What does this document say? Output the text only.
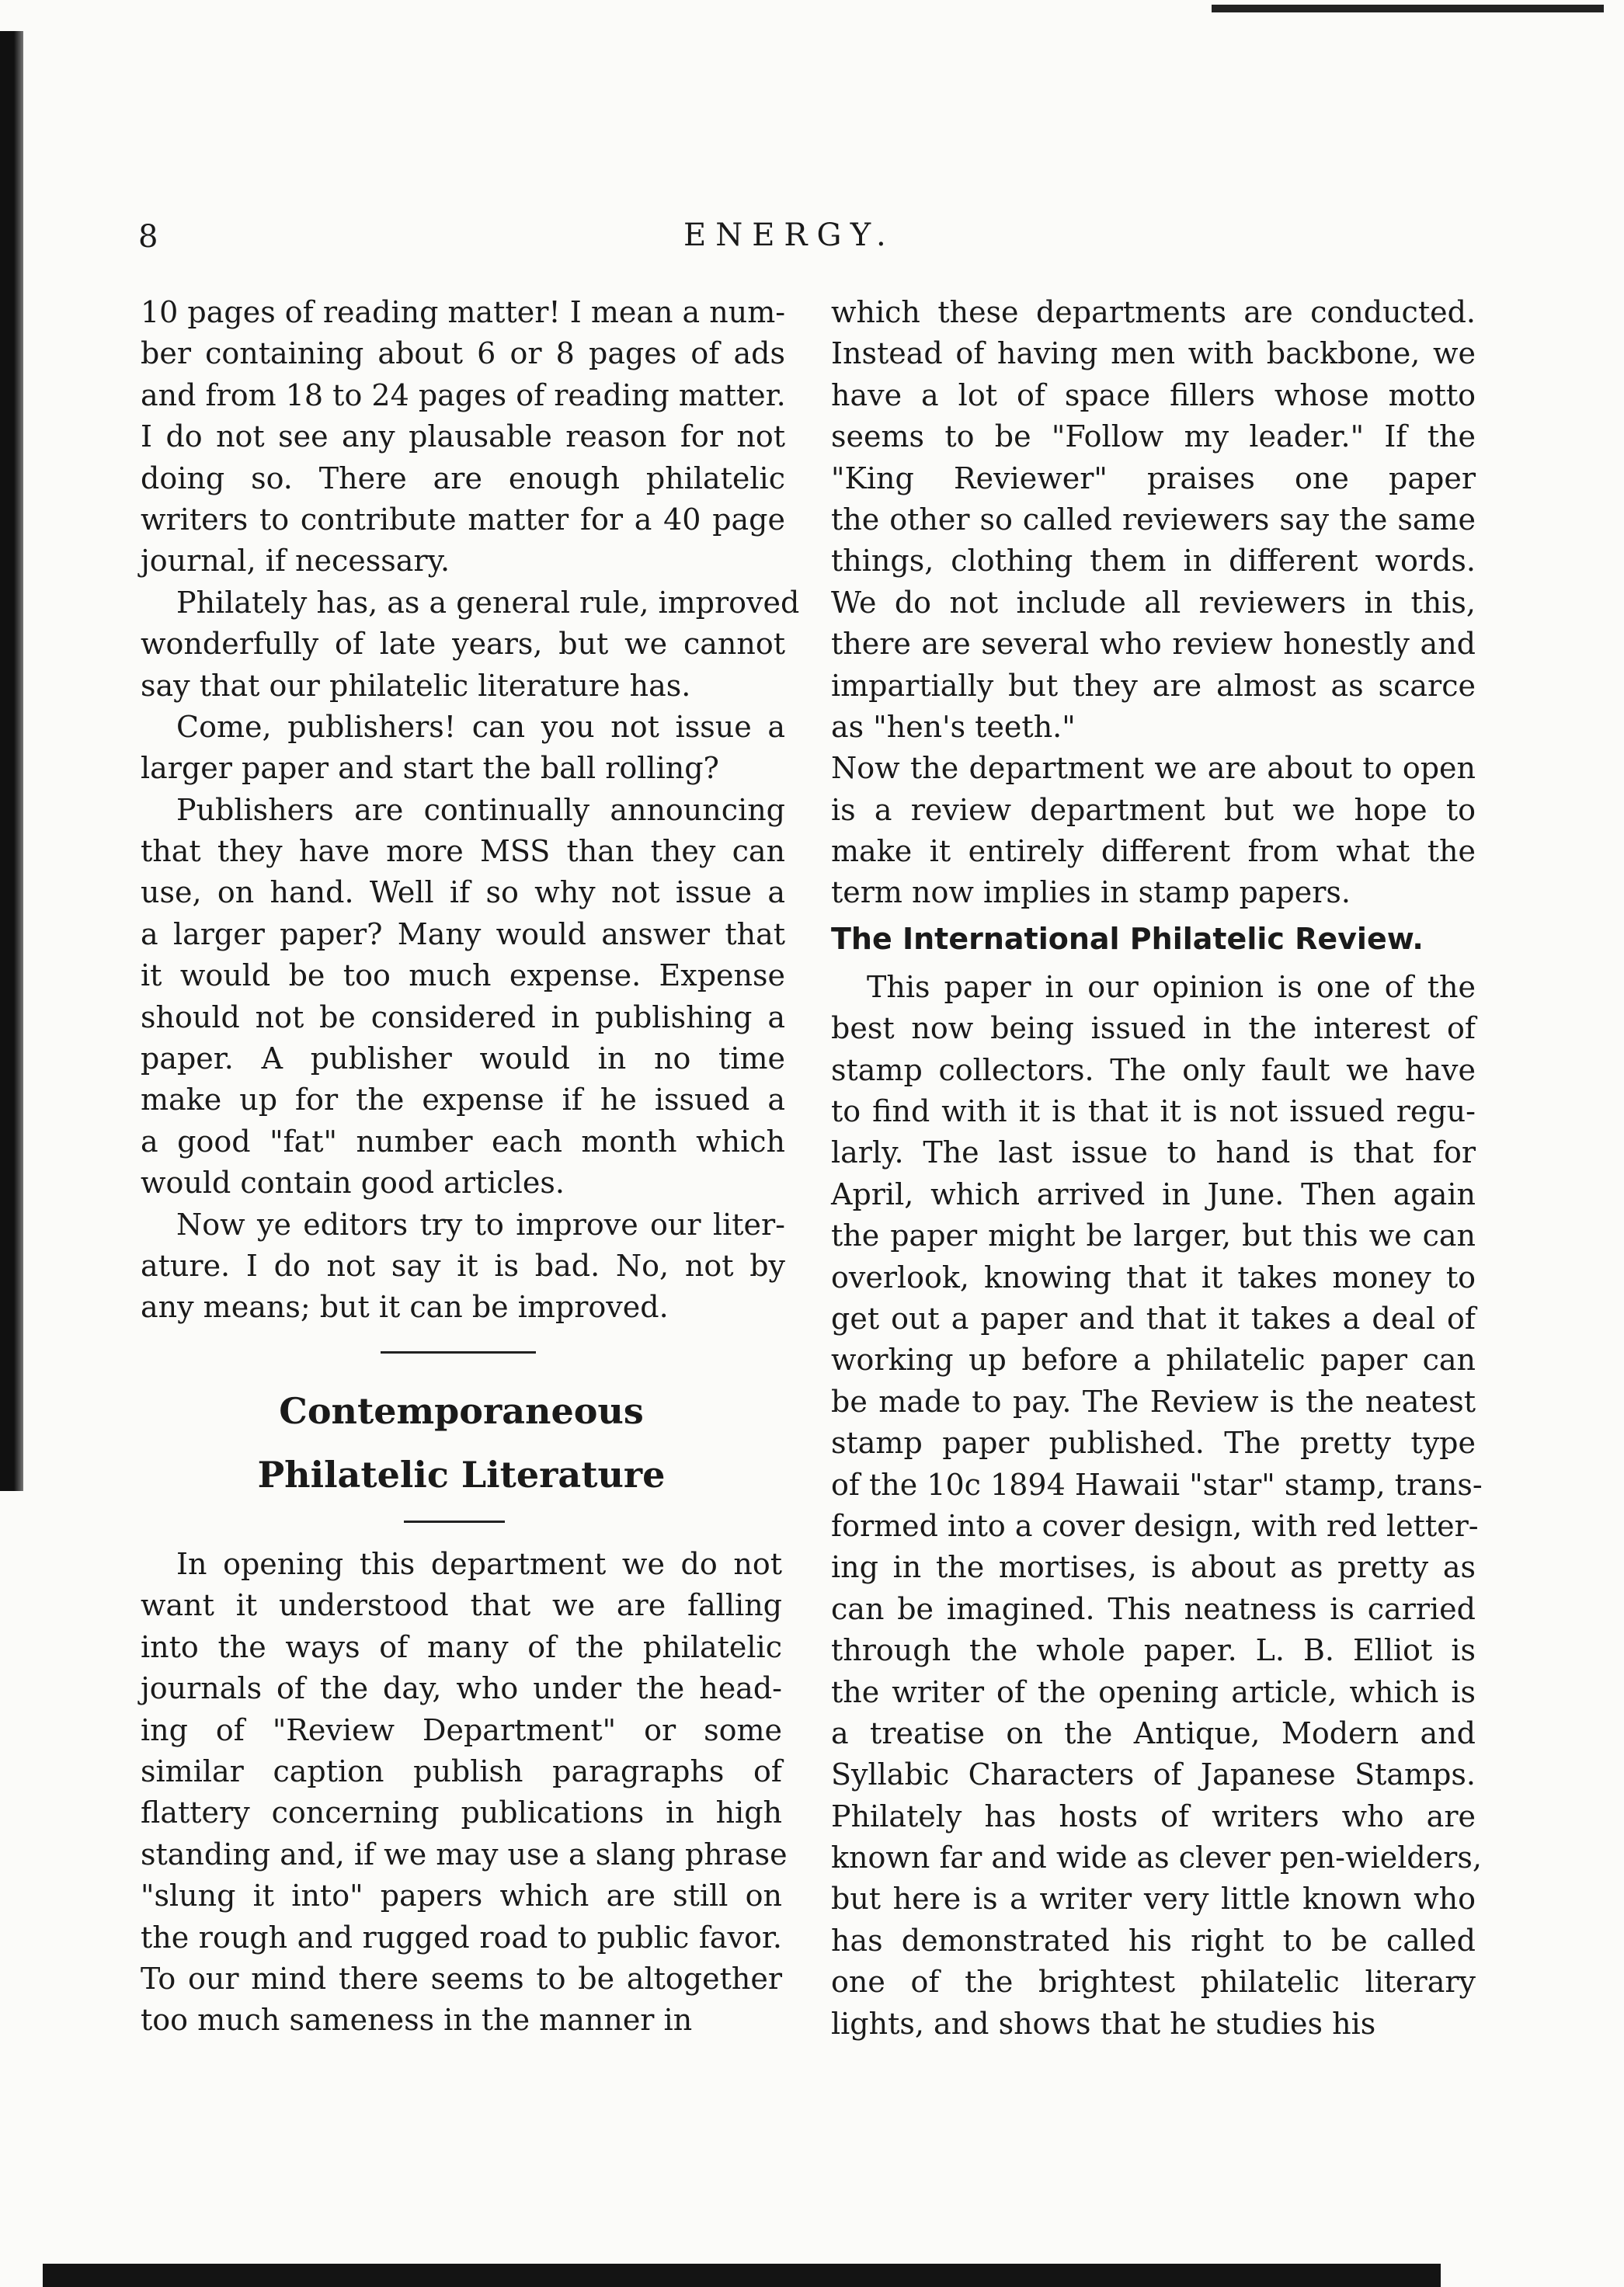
8	ENERGY.
10 pages of reading matter! I mean a num-
ber containing about 6 or 8 pages of ads
and from 18 to 24 pages of reading matter.
I do not see any plausable reason for not
doing so. There are enough philatelic
writers to contribute matter for a 40 page
journal, if necessary.
Philately has, as a general rule, improved
wonderfully of late years, but we cannot
say that our philatelic literature has.
Come, publishers! can you not issue a
larger paper and start the ball rolling?
Publishers are continually announcing
that they have more MSS than they can
use, on hand. Well if so why not issue a
a larger paper? Many would answer that
it would be too much expense. Expense
should not be considered in publishing a
paper. A publisher would in no time
make up for the expense if he issued a
a good "fat" number each month which
would contain good articles.
Now ye editors try to improve our liter-
ature. I do not say it is bad. No, not by
any means; but it can be improved.
Contemporaneous
Philatelic Literature
In opening this department we do not
want it understood that we are falling
into the ways of many of the philatelic
journals of the day, who under the head-
ing of "Review Department" or some
similar caption publish paragraphs of
flattery concerning publications in high
standing and, if we may use a slang phrase
"slung it into" papers which are still on
the rough and rugged road to public favor.
To our mind there seems to be altogether
too much sameness in the manner in
which these departments are conducted.
Instead of having men with backbone, we
have a lot of space fillers whose motto
seems to be "Follow my leader." If the
"King Reviewer" praises one paper
the other so called reviewers say the same
things, clothing them in different words.
We do not include all reviewers in this,
there are several who review honestly and
impartially but they are almost as scarce
as "hen's teeth."
Now the department we are about to open
is a review department but we hope to
make it entirely different from what the
term now implies in stamp papers.
The International Philatelic Review.
This paper in our opinion is one of the
best now being issued in the interest of
stamp collectors. The only fault we have
to find with it is that it is not issued regu-
larly. The last issue to hand is that for
April, which arrived in June. Then again
the paper might be larger, but this we can
overlook, knowing that it takes money to
get out a paper and that it takes a deal of
working up before a philatelic paper can
be made to pay. The Review is the neatest
stamp paper published. The pretty type
of the 10c 1894 Hawaii "star" stamp, trans-
formed into a cover design, with red letter-
ing in the mortises, is about as pretty as
can be imagined. This neatness is carried
through the whole paper. L. B. Elliot is
the writer of the opening article, which is
a treatise on the Antique, Modern and
Syllabic Characters of Japanese Stamps.
Philately has hosts of writers who are
known far and wide as clever pen-wielders,
but here is a writer very little known who
has demonstrated his right to be called
one of the brightest philatelic literary
lights, and shows that he studies his
